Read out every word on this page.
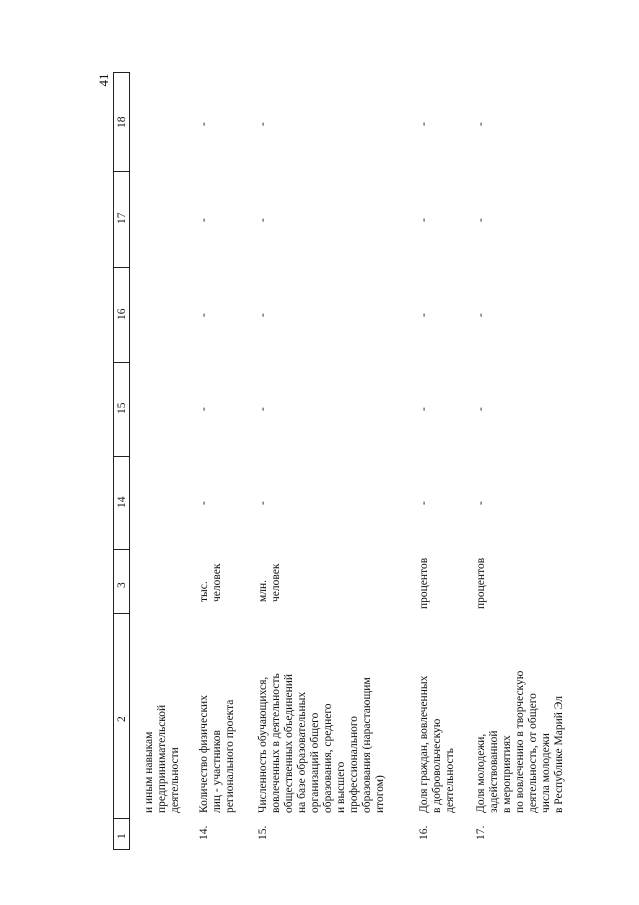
41
18
17
16
15
14
3
2
1
и иным навыкам предпринимательской деятельности
14.
Количество физических лиц - участников регионального проекта
тыс. человек
-
-
-
-
-
15.
Численность обучающихся, вовлеченных в деятельность общественных объединений на базе образовательных организаций общего образования, среднего и высшего профессионального образования (нарастающим итогом)
млн. человек
-
-
-
-
-
16.
Доля граждан, вовлеченных в добровольческую деятельность
процентов
-
-
-
-
-
17.
Доля молодежи, задействованной в мероприятиях по вовлечению в творческую деятельность, от общего числа молодежи в Республике Марий Эл
процентов
-
-
-
-
-
